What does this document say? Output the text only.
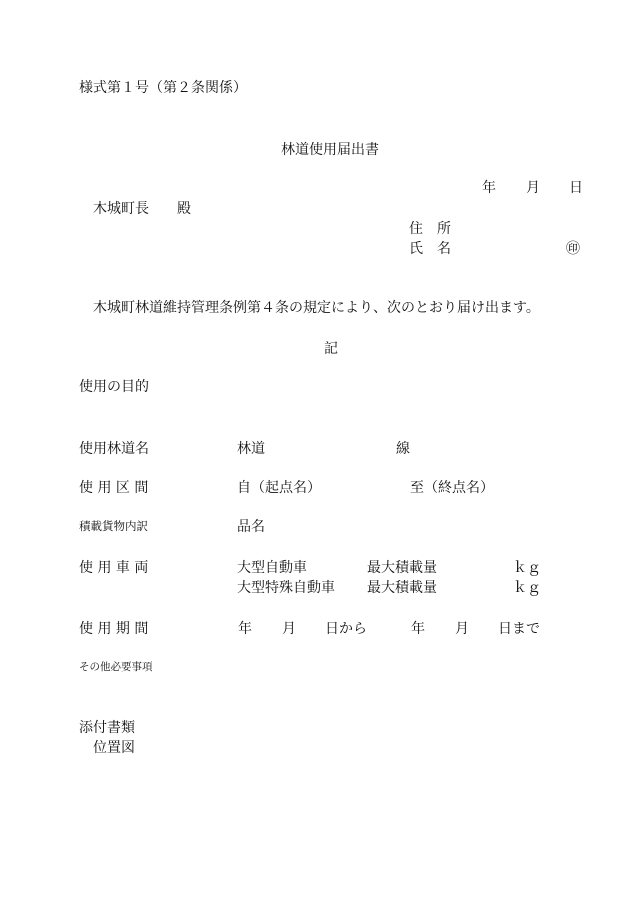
様式第１号（第２条関係）
林道使用届出書
年 月 日
木城町長　　殿
住　所
氏　名	㊞
木城町林道維持管理条例第４条の規定により、次のとおり届け出ます。
記
使用の目的
使用林道名	林道	線
使 用 区 間	自（起点名）	至（終点名）
積載貨物内訳	品名
使 用 車 両	大型自動車	最大積載量	ｋｇ
大型特殊自動車 最大積載量	ｋｇ
使 用 期 間	年 月 日から	年 月 日まで
その他必要事項
添付書類
位置図
